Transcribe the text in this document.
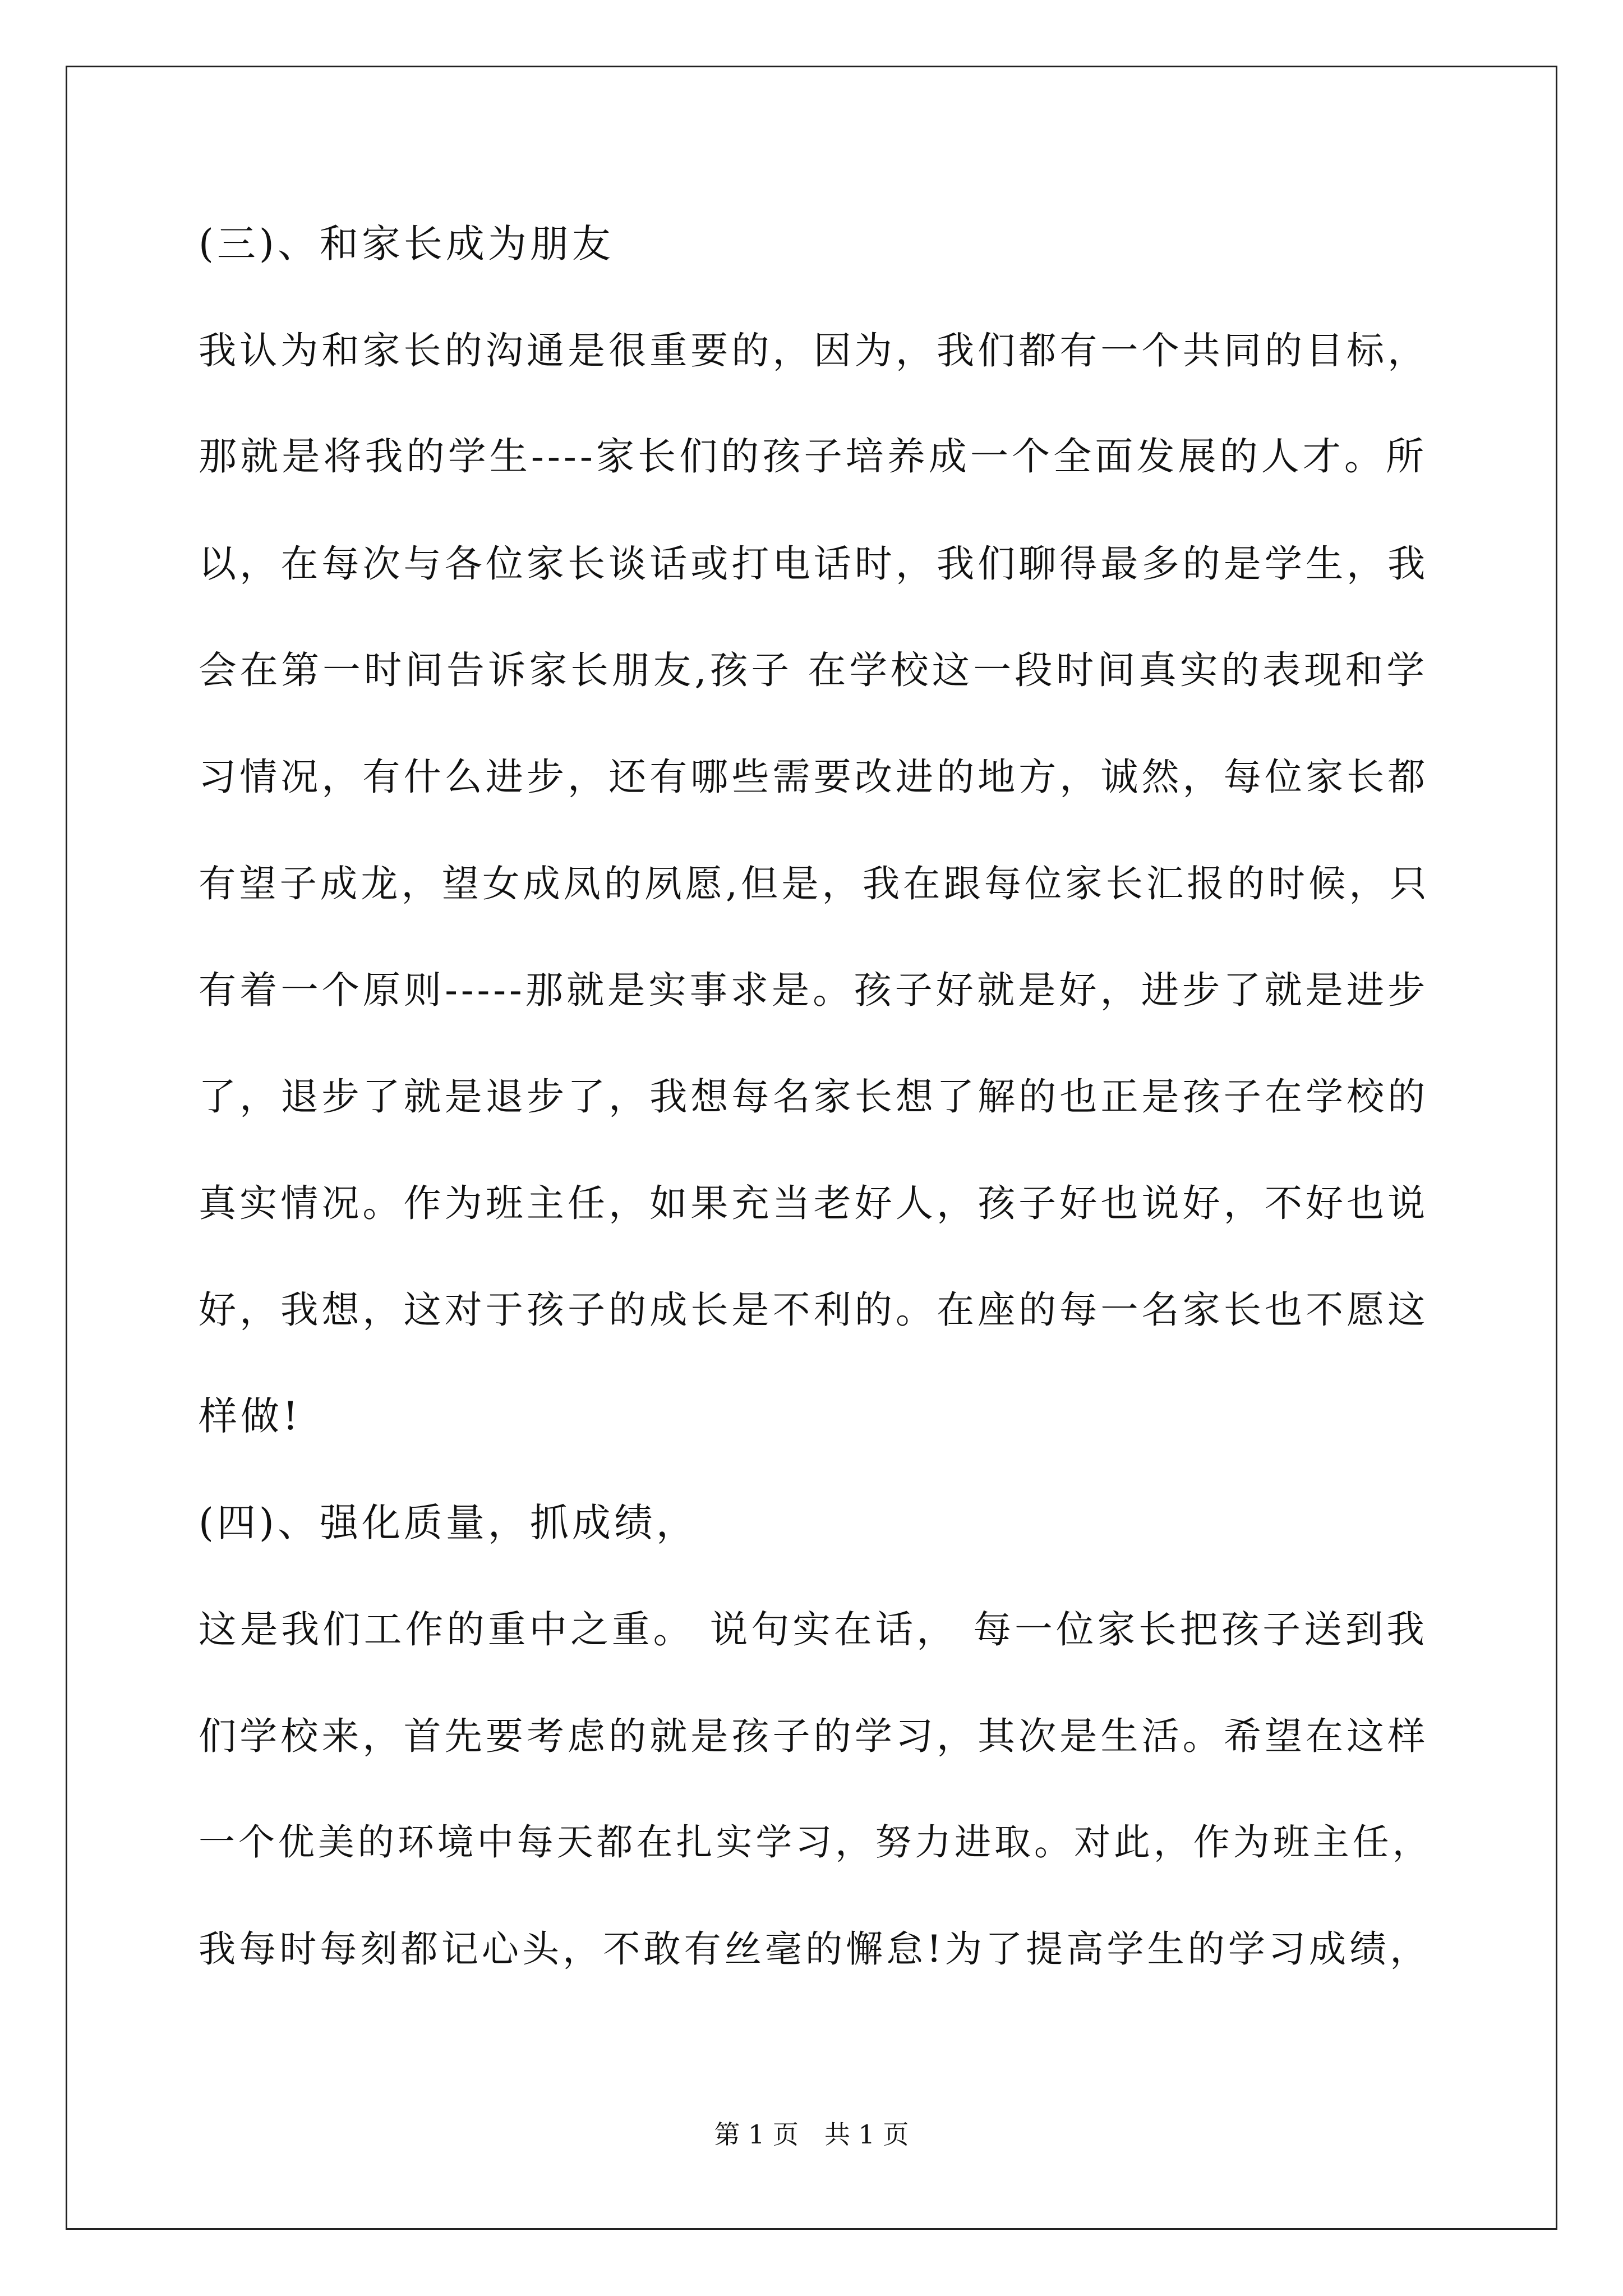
(三)、和家长成为朋友
我认为和家长的沟通是很重要的，因为，我们都有一个共同的目标，
那就是将我的学生----家长们的孩子培养成一个全面发展的人才。所
以，在每次与各位家长谈话或打电话时，我们聊得最多的是学生，我
会在第一时间告诉家长朋友,孩子 在学校这一段时间真实的表现和学
习情况，有什么进步，还有哪些需要改进的地方，诚然，每位家长都
有望子成龙，望女成凤的夙愿,但是，我在跟每位家长汇报的时候，只
有着一个原则-----那就是实事求是。孩子好就是好，进步了就是进步
了，退步了就是退步了，我想每名家长想了解的也正是孩子在学校的
真实情况。作为班主任，如果充当老好人，孩子好也说好，不好也说
好，我想，这对于孩子的成长是不利的。在座的每一名家长也不愿这
样做!
(四)、强化质量，抓成绩，
这是我们工作的重中之重。 说句实在话， 每一位家长把孩子送到我
们学校来，首先要考虑的就是孩子的学习，其次是生活。希望在这样
一个优美的环境中每天都在扎实学习，努力进取。对此，作为班主任，
我每时每刻都记心头，不敢有丝毫的懈怠!为了提高学生的学习成绩，
第 1 页　共 1 页
